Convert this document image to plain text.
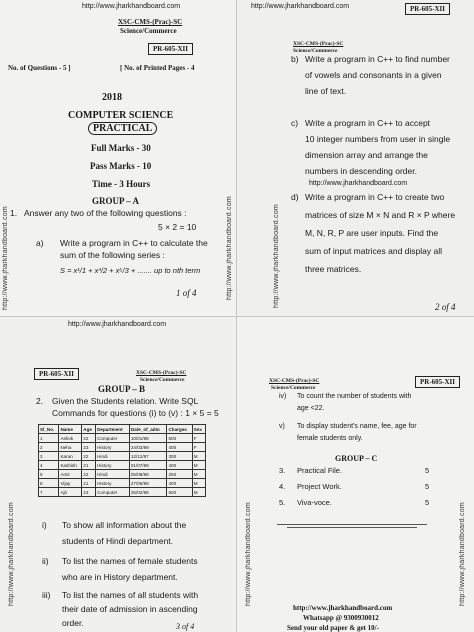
http://www.jharkhandboard.com
XSC-CMS-(Prac)-SC
Science/Commerce
PR-605-XII
No. of Questions - 5 ]	[ No. of Printed Pages - 4
2018
COMPUTER SCIENCE
PRACTICAL
Full Marks - 30
Pass Marks - 10
Time - 3 Hours
GROUP – A
1. Answer any two of the following questions :
5 × 2 = 10
a) Write a program in C++ to calculate the
sum of the following series :
S = x¹/1 + x³/2 + x⁵/3 + ....... up to nth term
1 of 4
http://www.jharkhandboard.com	http://www.jharkhandboard.com
http://www.jharkhandboard.com	PR-605-XII
XSC-CMS-(Prac)-SC
Science/Commerce
b) Write a program in C++ to find number
of vowels and consonants in a given
line of text.
c) Write a program in C++ to accept
10 integer numbers from user in single
dimension array and arrange the
numbers in descending order.
http://www.jharkhandboard.com
d) Write a program in C++ to create two
matrices of size M × N and R × P where
M, N, R, P are user inputs. Find the
sum of input matrices and display all
three matrices.
2 of 4
http://www.jharkhandboard.com
http://www.jharkhandboard.com
PR-605-XII	XSC-CMS-(Prac)-SC
Science/Commerce
GROUP – B
2. Given the Students relation. Write SQL
Commands for questions (i) to (v) : 1 × 5 = 5
Sl_No.	Name	Age	Department	Date_of_adm	Charges	Sex
1	Ashok	22	Computer	10/01/98	500	F
2	Neha	23	History	24/03/99	400	F
3	Karan	22	Hindi	12/12/97	300	M
4	Kashish	21	History	01/07/99	400	M
5	Amit	22	Hindi	05/09/98	250	M
6	Vijay	21	History	27/06/99	400	M
7	Ajit	23	Computer	25/02/98	500	M
i) To show all information about the
students of Hindi department.
ii) To list the names of female students
who are in History department.
iii) To list the names of all students with
their date of admission in ascending
order.	3 of 4
http://www.jharkhandboard.com
XSC-CMS-(Prac)-SC
Science/Commerce
PR-605-XII
iv) To count the number of students with
age <22.
v) To display student's name, fee, age for
female students only.
GROUP – C
3. Practical File.	5
4. Project Work.	5
5. Viva-voce.	5
http://www.jharkhandboard.com
Whatsapp @ 9300930012
Send your old paper & get 10/-
http://www.jharkhandboard.com	http://www.jharkhandboard.com
